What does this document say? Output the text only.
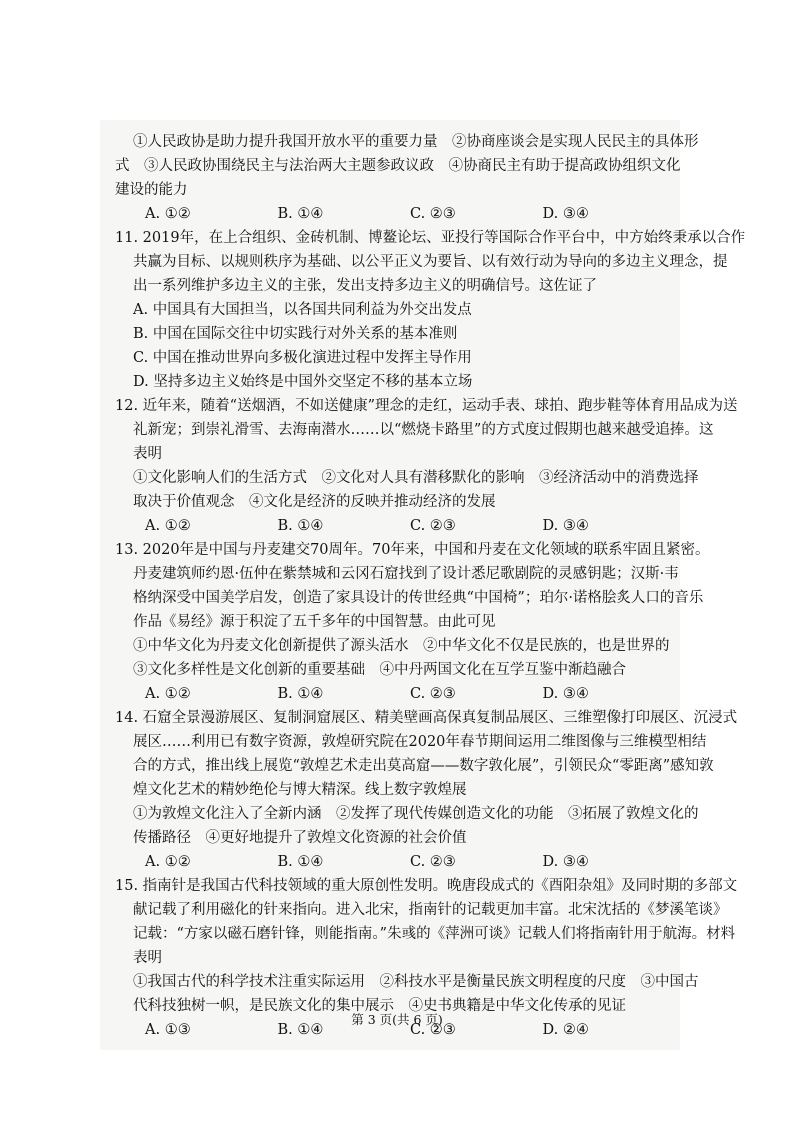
①人民政协是助力提升我国开放水平的重要力量　②协商座谈会是实现人民民主的具体形
式　③人民政协围绕民主与法治两大主题参政议政　④协商民主有助于提高政协组织文化
建设的能力
A. ①②	B. ①④	C. ②③	D. ③④
11. 2019年，在上合组织、金砖机制、博鳌论坛、亚投行等国际合作平台中，中方始终秉承以合作
共赢为目标、以规则秩序为基础、以公平正义为要旨、以有效行动为导向的多边主义理念，提
出一系列维护多边主义的主张，发出支持多边主义的明确信号。这佐证了
A. 中国具有大国担当，以各国共同利益为外交出发点
B. 中国在国际交往中切实践行对外关系的基本准则
C. 中国在推动世界向多极化演进过程中发挥主导作用
D. 坚持多边主义始终是中国外交坚定不移的基本立场
12. 近年来，随着“送烟酒，不如送健康”理念的走红，运动手表、球拍、跑步鞋等体育用品成为送
礼新宠；到崇礼滑雪、去海南潜水……以“燃烧卡路里”的方式度过假期也越来越受追捧。这
表明
①文化影响人们的生活方式　②文化对人具有潜移默化的影响　③经济活动中的消费选择
取决于价值观念　④文化是经济的反映并推动经济的发展
A. ①②	B. ①④	C. ②③	D. ③④
13. 2020年是中国与丹麦建交70周年。70年来，中国和丹麦在文化领域的联系牢固且紧密。
丹麦建筑师约恩·伍仲在紫禁城和云冈石窟找到了设计悉尼歌剧院的灵感钥匙；汉斯·韦
格纳深受中国美学启发，创造了家具设计的传世经典“中国椅”；珀尔·诺格脍炙人口的音乐
作品《易经》源于积淀了五千多年的中国智慧。由此可见
①中华文化为丹麦文化创新提供了源头活水　②中华文化不仅是民族的，也是世界的
③文化多样性是文化创新的重要基础　④中丹两国文化在互学互鉴中渐趋融合
A. ①②	B. ①④	C. ②③	D. ③④
14. 石窟全景漫游展区、复制洞窟展区、精美壁画高保真复制品展区、三维塑像打印展区、沉浸式
展区……利用已有数字资源，敦煌研究院在2020年春节期间运用二维图像与三维模型相结
合的方式，推出线上展览“敦煌艺术走出莫高窟——数字敦化展”，引领民众“零距离”感知敦
煌文化艺术的精妙绝伦与博大精深。线上数字敦煌展
①为敦煌文化注入了全新内涵　②发挥了现代传媒创造文化的功能　③拓展了敦煌文化的
传播路径　④更好地提升了敦煌文化资源的社会价值
A. ①②	B. ①④	C. ②③	D. ③④
15. 指南针是我国古代科技领域的重大原创性发明。晚唐段成式的《酉阳杂俎》及同时期的多部文
献记载了利用磁化的针来指向。进入北宋，指南针的记载更加丰富。北宋沈括的《梦溪笔谈》
记载：“方家以磁石磨针锋，则能指南。”朱彧的《萍洲可谈》记载人们将指南针用于航海。材料
表明
①我国古代的科学技术注重实际运用　②科技水平是衡量民族文明程度的尺度　③中国古
代科技独树一帜，是民族文化的集中展示　④史书典籍是中华文化传承的见证
A. ①③	B. ①④	C. ②③	D. ②④
第 3 页(共 6 页)
